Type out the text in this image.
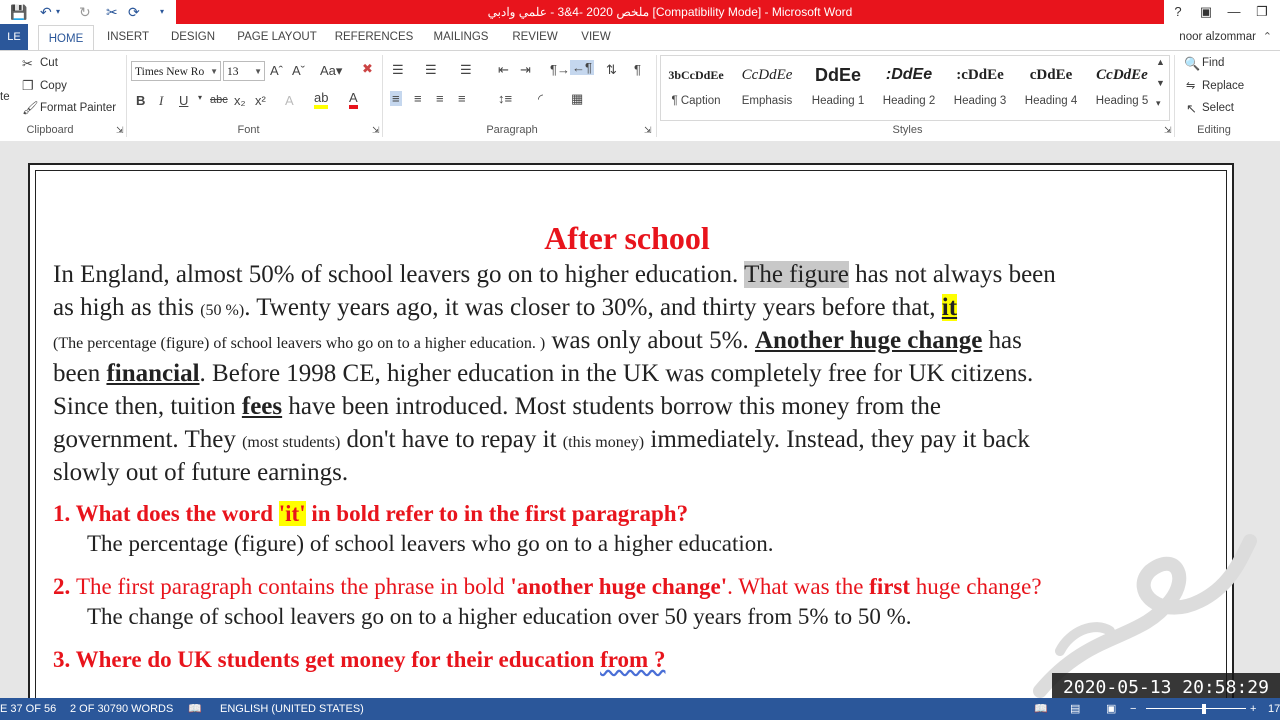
💾 ↶ ▾ ↻ ✂ ⟳	▾	ملخص 2020 -4&3 - علمي وادبي [Compatibility Mode] - Microsoft Word	?	▣	—	❐
LE	HOME	INSERT	DESIGN	PAGE LAYOUT	REFERENCES	MAILINGS	REVIEW	VIEW	noor alzommar ⌃
te
✂ Cut
❐ Copy
🖌 Format Painter
Clipboard	⇲
Times New Ro ▼ 13 ▼ Aˆ Aˇ Aa▾ ✖
B I U ▾ abc x₂ x² A ab A
Font	⇲
☰ ☰ ☰ ⇤ ⇥ ¶→ ←¶ ⇅ ¶
≡ ≡ ≡ ≡ ↕≡ ◜ ▦
Paragraph	⇲
3bCcDdEe
¶ Caption
CcDdEe
Emphasis
DdEe
Heading 1
:DdEe
Heading 2
:cDdEe
Heading 3
cDdEe
Heading 4
CcDdEe
Heading 5
▲
▼
▾
Styles	⇲
🔍 Find
⇋ Replace
↖ Select
Editing
After school
In England, almost 50% of school leavers go on to higher education. The figure has not always been
as high as this (50 %). Twenty years ago, it was closer to 30%, and thirty years before that, it
(The percentage (figure) of school leavers who go on to a higher education. ) was only about 5%. Another huge change has
been financial. Before 1998 CE, higher education in the UK was completely free for UK citizens.
Since then, tuition fees have been introduced. Most students borrow this money from the
government. They (most students) don't have to repay it (this money) immediately. Instead, they pay it back
slowly out of future earnings.
1. What does the word 'it' in bold refer to in the first paragraph?
The percentage (figure) of school leavers who go on to a higher education.
2. The first paragraph contains the phrase in bold 'another huge change'. What was the first huge change?
The change of school leavers go on to a higher education over 50 years from 5% to 50 %.
3. Where do UK students get money for their education from ?
2020-05-13 20:58:29
E 37 OF 56 2 OF 30790 WORDS 📖 ENGLISH (UNITED STATES)	📖 ▤ ▣ −	+ 17
